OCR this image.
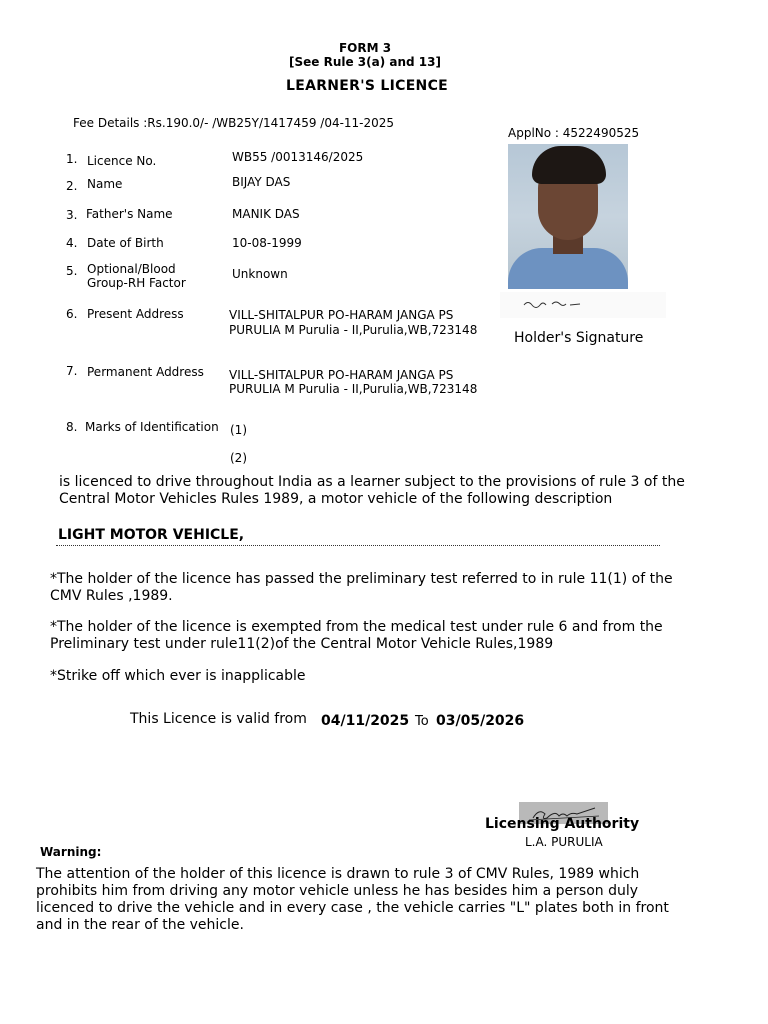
FORM 3
[See Rule 3(a) and 13]
LEARNER'S LICENCE
Fee Details :Rs.190.0/- /WB25Y/1417459 /04-11-2025
ApplNo : 4522490525
1. Licence No.	WB55 /0013146/2025
2. Name	BIJAY DAS
3. Father's Name	MANIK DAS
4. Date of Birth	10-08-1999
5. Optional/Blood
Group-RH Factor
Unknown
6. Present Address	VILL-SHITALPUR PO-HARAM JANGA PS
PURULIA M Purulia - II,Purulia,WB,723148
7. Permanent Address VILL-SHITALPUR PO-HARAM JANGA PS
PURULIA M Purulia - II,Purulia,WB,723148
8. Marks of Identification (1)
(2)
Holder's Signature
is licenced to drive throughout India as a learner subject to the provisions of rule 3 of the Central Motor Vehicles Rules 1989, a motor vehicle of the following description
LIGHT MOTOR VEHICLE,
*The holder of the licence has passed the preliminary test referred to in rule 11(1) of the CMV Rules ,1989.
*The holder of the licence is exempted from the medical test under rule 6 and from the Preliminary test under rule11(2)of the Central Motor Vehicle Rules,1989
*Strike off which ever is inapplicable
This Licence is valid from 04/11/2025 To 03/05/2026
Licensing Authority
L.A. PURULIA
Warning:
The attention of the holder of this licence is drawn to rule 3 of CMV Rules, 1989 which prohibits him from driving any motor vehicle unless he has besides him a person duly licenced to drive the vehicle and in every case , the vehicle carries "L" plates both in front and in the rear of the vehicle.
